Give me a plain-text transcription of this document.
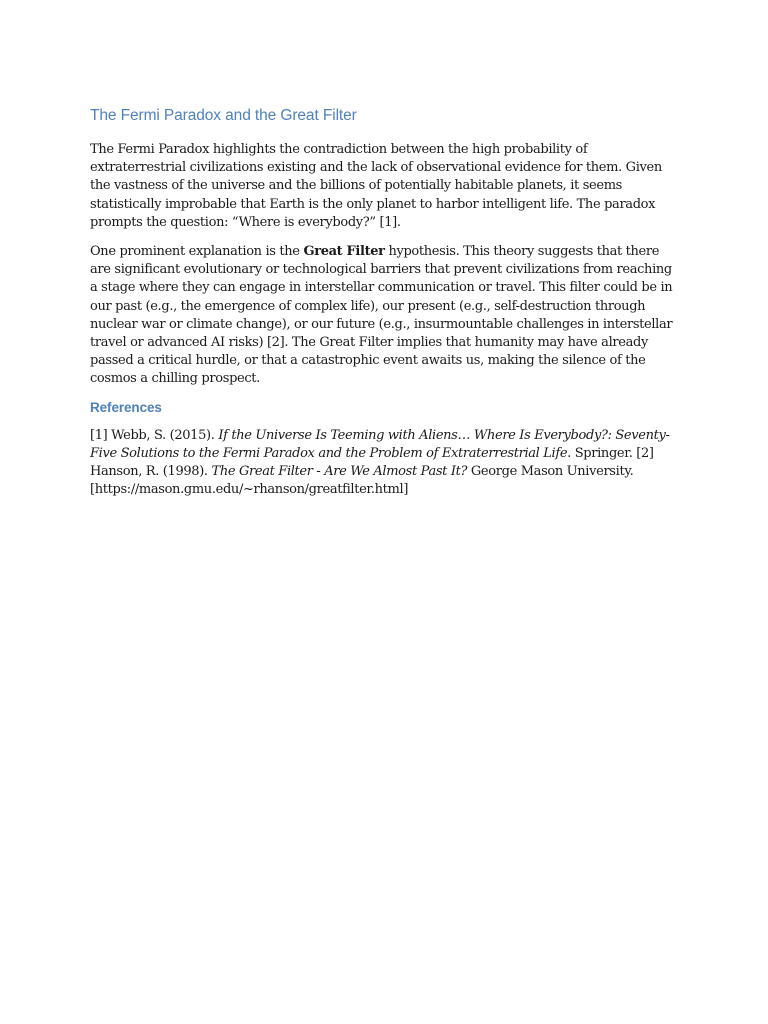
The Fermi Paradox and the Great Filter

The Fermi Paradox highlights the contradiction between the high probability of extraterrestrial civilizations existing and the lack of observational evidence for them. Given the vastness of the universe and the billions of potentially habitable planets, it seems statistically improbable that Earth is the only planet to harbor intelligent life. The paradox prompts the question: “Where is everybody?” [1].

One prominent explanation is the Great Filter hypothesis. This theory suggests that there are significant evolutionary or technological barriers that prevent civilizations from reaching a stage where they can engage in interstellar communication or travel. This filter could be in our past (e.g., the emergence of complex life), our present (e.g., self-destruction through nuclear war or climate change), or our future (e.g., insurmountable challenges in interstellar travel or advanced AI risks) [2]. The Great Filter implies that humanity may have already passed a critical hurdle, or that a catastrophic event awaits us, making the silence of the cosmos a chilling prospect.

References

[1] Webb, S. (2015). If the Universe Is Teeming with Aliens… Where Is Everybody?: Seventy-Five Solutions to the Fermi Paradox and the Problem of Extraterrestrial Life. Springer. [2] Hanson, R. (1998). The Great Filter - Are We Almost Past It? George Mason University. [https://mason.gmu.edu/~rhanson/greatfilter.html]
